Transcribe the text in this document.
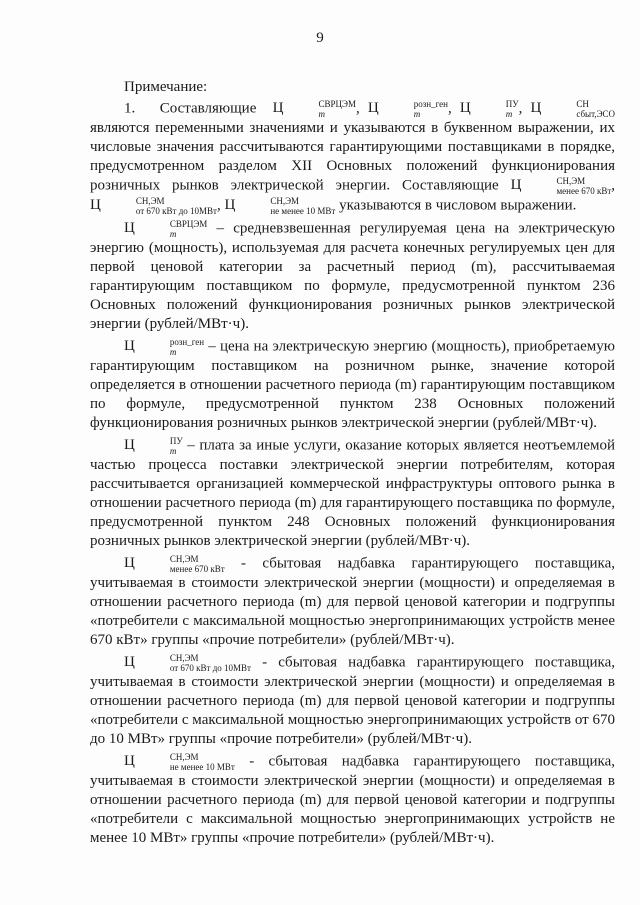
9

Примечание:

1. Составляющие Ц	СВРЦЭМ
m	, Ц	розн_ген
m	, Ц	ПУ
m , Ц	СН
сбыт,ЭСО
являются переменными значениями и указываются в буквенном выражении, их числовые значения рассчитываются гарантирующими поставщиками в порядке, предусмотренном разделом XII Основных положений функционирования розничных рынков электрической энергии. Составляющие Ц	СН,ЭМ
менее 670 кВт , Ц	СН,ЭМ
от 670 кВт до 10МВт , Ц	СН,ЭМ
не менее 10 МВт указываются в числовом выражении.

Ц	СВРЦЭМ
m	– средневзвешенная регулируемая цена на электрическую энергию (мощность), используемая для расчета конечных регулируемых цен для первой ценовой категории за расчетный период (m), рассчитываемая гарантирующим поставщиком по формуле, предусмотренной пунктом 236 Основных положений функционирования розничных рынков электрической энергии (рублей/МВт·ч).

Ц	розн_ген
m	– цена на электрическую энергию (мощность), приобретаемую гарантирующим поставщиком на розничном рынке, значение которой определяется в отношении расчетного периода (m) гарантирующим поставщиком по формуле, предусмотренной пунктом 238 Основных положений функционирования розничных рынков электрической энергии (рублей/МВт·ч).

Ц	ПУ
m – плата за иные услуги, оказание которых является неотъемлемой частью процесса поставки электрической энергии потребителям, которая рассчитывается организацией коммерческой инфраструктуры оптового рынка в отношении расчетного периода (m) для гарантирующего поставщика по формуле, предусмотренной пунктом 248 Основных положений функционирования розничных рынков электрической энергии (рублей/МВт·ч).

Ц	СН,ЭМ
менее 670 кВт - сбытовая надбавка гарантирующего поставщика, учитываемая в стоимости электрической энергии (мощности) и определяемая в отношении расчетного периода (m) для первой ценовой категории и подгруппы «потребители с максимальной мощностью энергопринимающих устройств менее 670 кВт» группы «прочие потребители» (рублей/МВт·ч).

Ц	СН,ЭМ
от 670 кВт до 10МВт - сбытовая надбавка гарантирующего поставщика, учитываемая в стоимости электрической энергии (мощности) и определяемая в отношении расчетного периода (m) для первой ценовой категории и подгруппы «потребители с максимальной мощностью энергопринимающих устройств от 670 до 10 МВт» группы «прочие потребители» (рублей/МВт·ч).

Ц	СН,ЭМ
не менее 10 МВт - сбытовая надбавка гарантирующего поставщика, учитываемая в стоимости электрической энергии (мощности) и определяемая в отношении расчетного периода (m) для первой ценовой категории и подгруппы «потребители с максимальной мощностью энергопринимающих устройств не менее 10 МВт» группы «прочие потребители» (рублей/МВт·ч).
